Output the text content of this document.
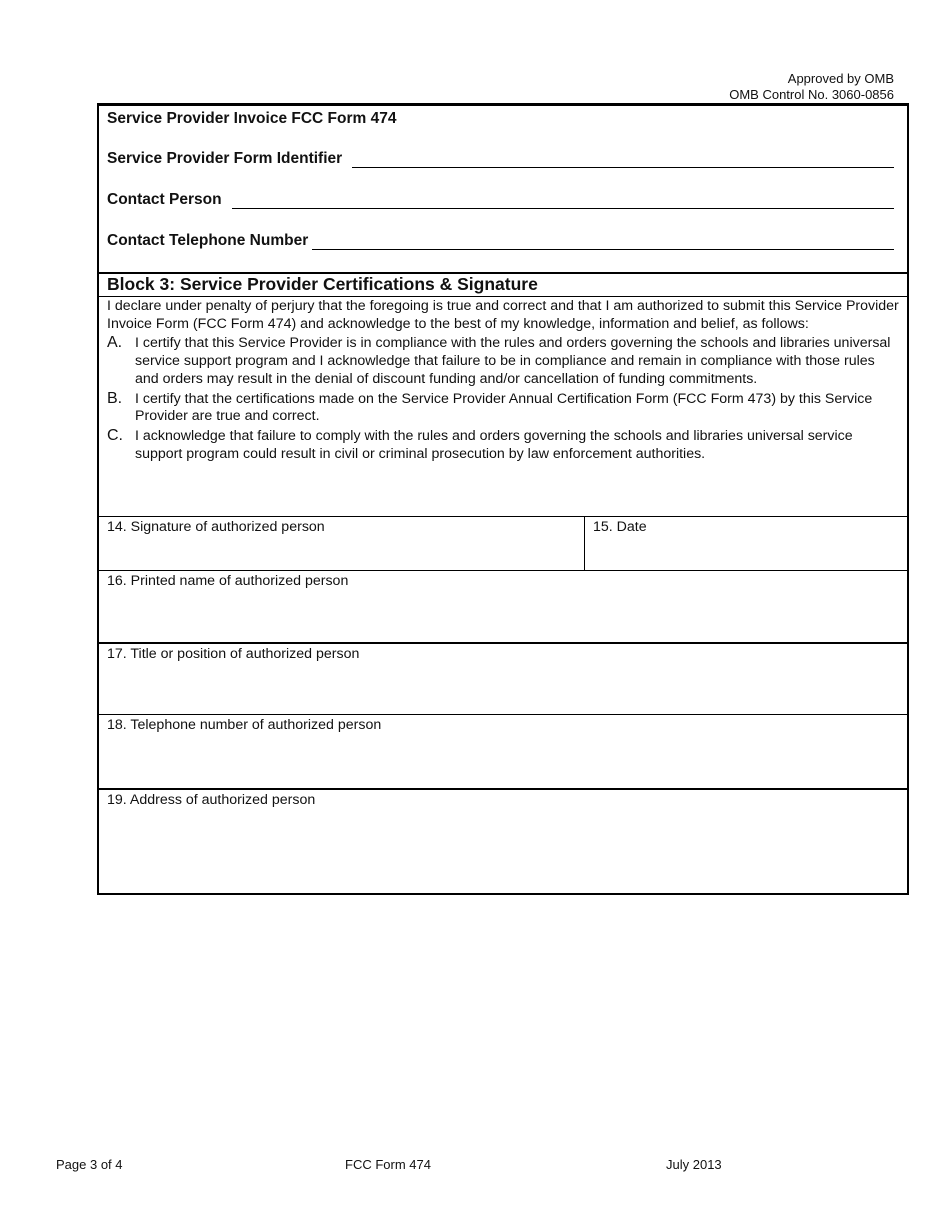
Approved by OMB
OMB Control No. 3060-0856
Service Provider Invoice FCC Form 474
Service Provider Form Identifier
Contact Person
Contact Telephone Number
Block 3: Service Provider Certifications & Signature

I declare under penalty of perjury that the foregoing is true and correct and that I am authorized to submit this Service Provider Invoice Form (FCC Form 474) and acknowledge to the best of my knowledge, information and belief, as follows:

A. I certify that this Service Provider is in compliance with the rules and orders governing the schools and libraries universal service support program and I acknowledge that failure to be in compliance and remain in compliance with those rules and orders may result in the denial of discount funding and/or cancellation of funding commitments.
B. I certify that the certifications made on the Service Provider Annual Certification Form (FCC Form 473) by this Service Provider are true and correct.
C. I acknowledge that failure to comply with the rules and orders governing the schools and libraries universal service support program could result in civil or criminal prosecution by law enforcement authorities.
14. Signature of authorized person	15. Date
16. Printed name of authorized person
17. Title or position of authorized person
18. Telephone number of authorized person
19. Address of authorized person
Page 3 of 4	FCC Form 474	July 2013
